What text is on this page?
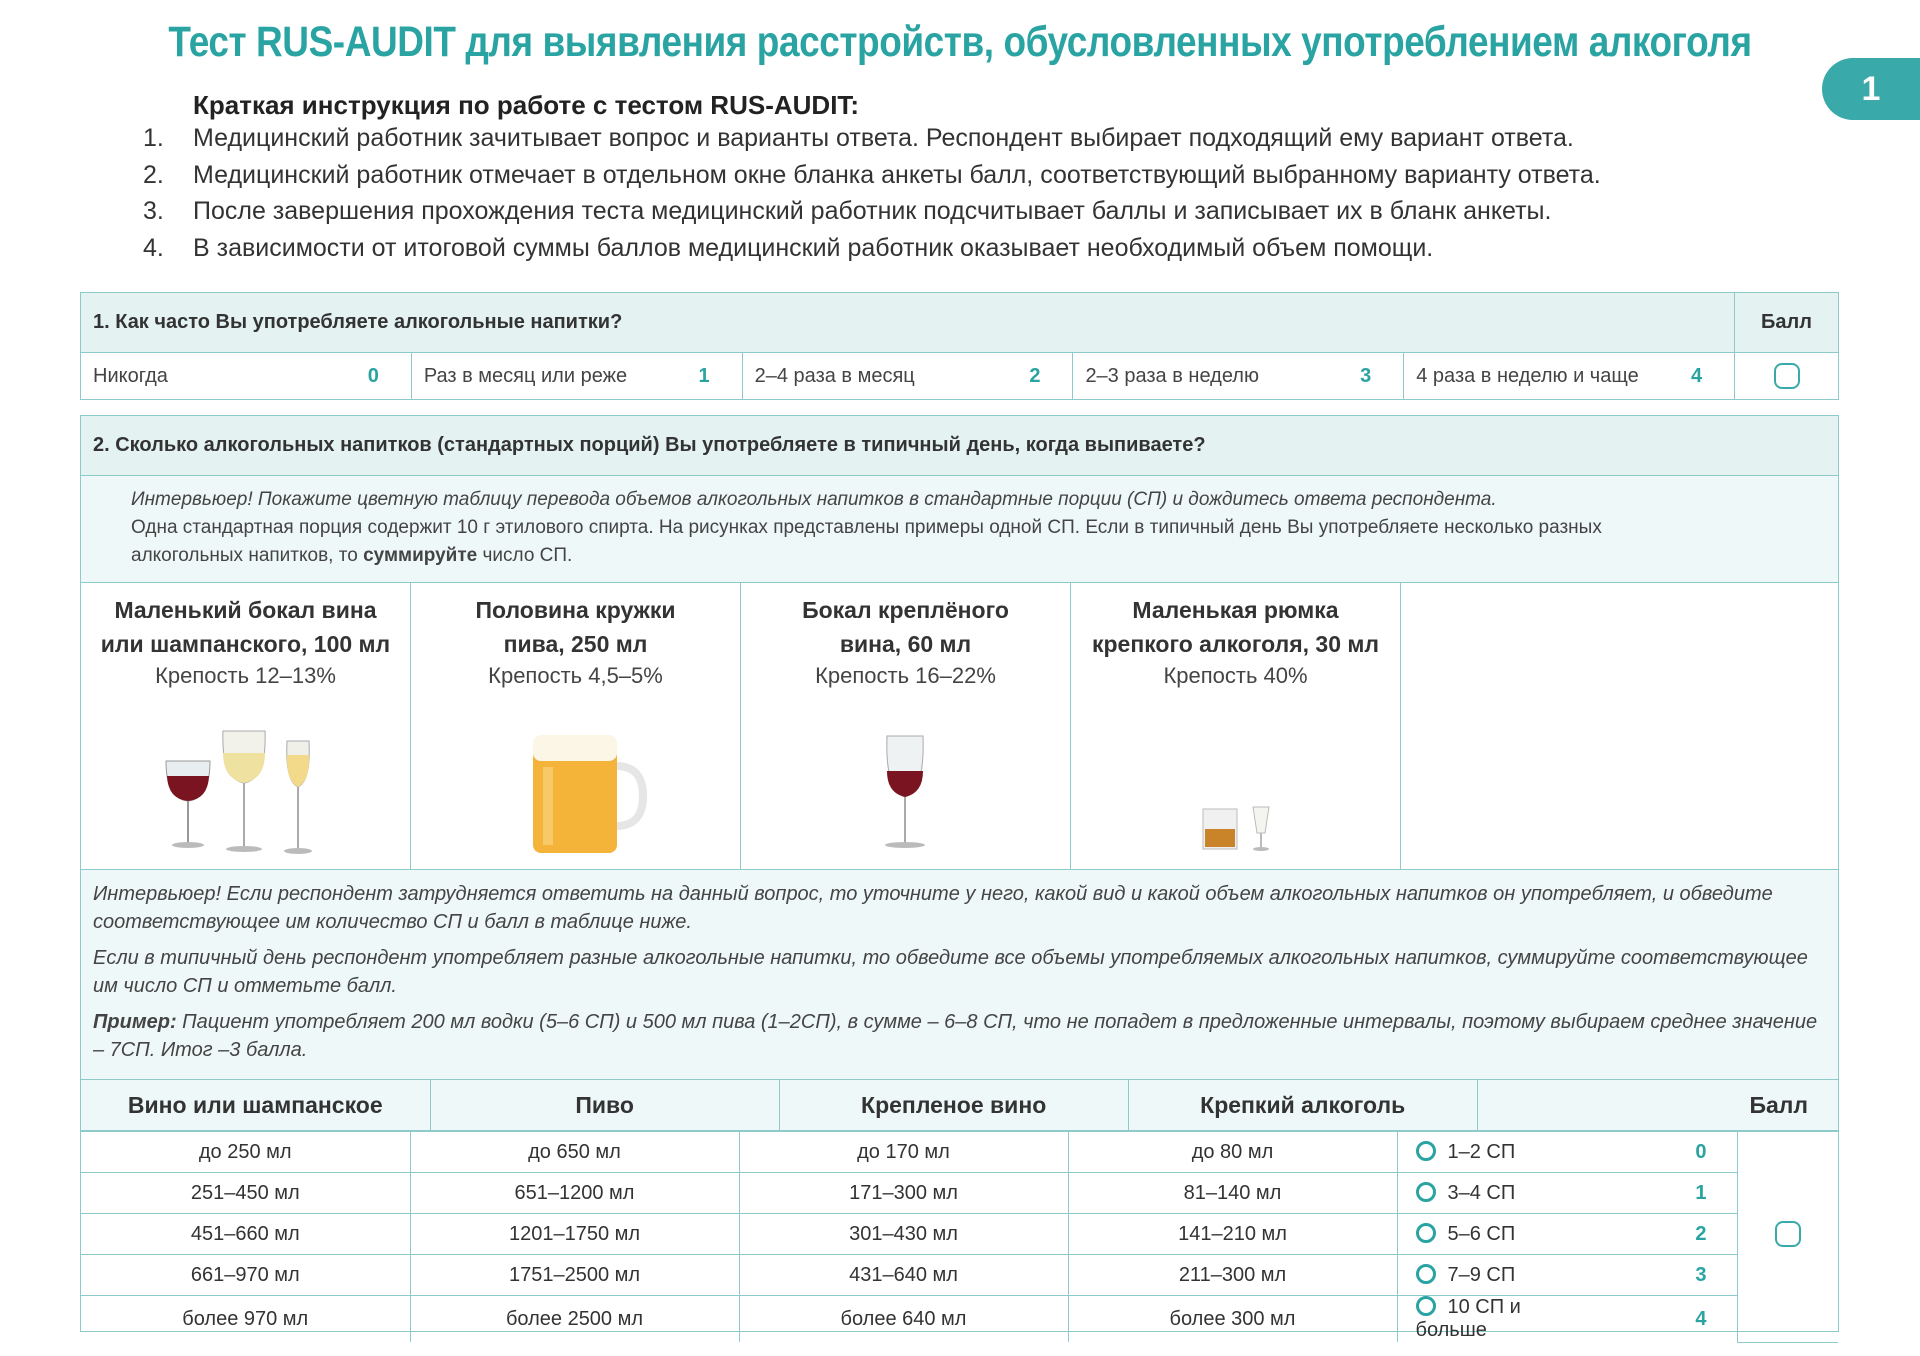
Тест RUS-AUDIT для выявления расстройств, обусловленных употреблением алкоголя
1
Краткая инструкция по работе с тестом RUS-AUDIT:
1.	Медицинский работник зачитывает вопрос и варианты ответа. Респондент выбирает подходящий ему вариант ответа.
2.	Медицинский работник отмечает в отдельном окне бланка анкеты балл, соответствующий выбранному варианту ответа.
3.	После завершения прохождения теста медицинский работник подсчитывает баллы и записывает их в бланк анкеты.
4.	В зависимости от итоговой суммы баллов медицинский работник оказывает необходимый объем помощи.
1. Как часто Вы употребляете алкогольные напитки?	Балл
Никогда	0 Раз в месяц или реже	1 2–4 раза в месяц	2 2–3 раза в неделю	3 4 раза в неделю и чаще	4
2. Сколько алкогольных напитков (стандартных порций) Вы употребляете в типичный день, когда выпиваете?
Интервьюер! Покажите цветную таблицу перевода объемов алкогольных напитков в стандартные порции (СП) и дождитесь ответа респондента.
Одна стандартная порция содержит 10 г этилового спирта. На рисунках представлены примеры одной СП. Если в типичный день Вы употребляете несколько разных
алкогольных напитков, то суммируйте число СП.
Маленький бокал вина
или шампанского, 100 мл
Крепость 12–13%
Половина кружки
пива, 250 мл
Крепость 4,5–5%
Бокал креплёного
вина, 60 мл
Крепость 16–22%
Маленькая рюмка
крепкого алкоголя, 30 мл
Крепость 40%

Интервьюер! Если респондент затрудняется ответить на данный вопрос, то уточните у него, какой вид и какой объем алкогольных напитков он употребляет, и обведите соответствующее им количество СП и балл в таблице ниже.

Если в типичный день респондент употребляет разные алкогольные напитки, то обведите все объемы употребляемых алкогольных напитков, суммируйте соответствующее им число СП и отметьте балл.

Пример: Пациент употребляет 200 мл водки (5–6 СП) и 500 мл пива (1–2СП), в сумме – 6–8 СП, что не попадет в предложенные интервалы, поэтому выбираем среднее значение – 7СП. Итог –3 балла.

Вино или шампанское	Пиво	Крепленое вино	Крепкий алкоголь	Балл
до 250 мл	до 650 мл	до 170 мл	до 80 мл	1–2 СП	0	
251–450 мл	651–1200 мл	171–300 мл	81–140 мл	3–4 СП	1	
451–660 мл	1201–1750 мл	301–430 мл	141–210 мл	5–6 СП	2	
661–970 мл	1751–2500 мл	431–640 мл	211–300 мл	7–9 СП	3	
более 970 мл	более 2500 мл	более 640 мл	более 300 мл	10 СП и больше	4	
